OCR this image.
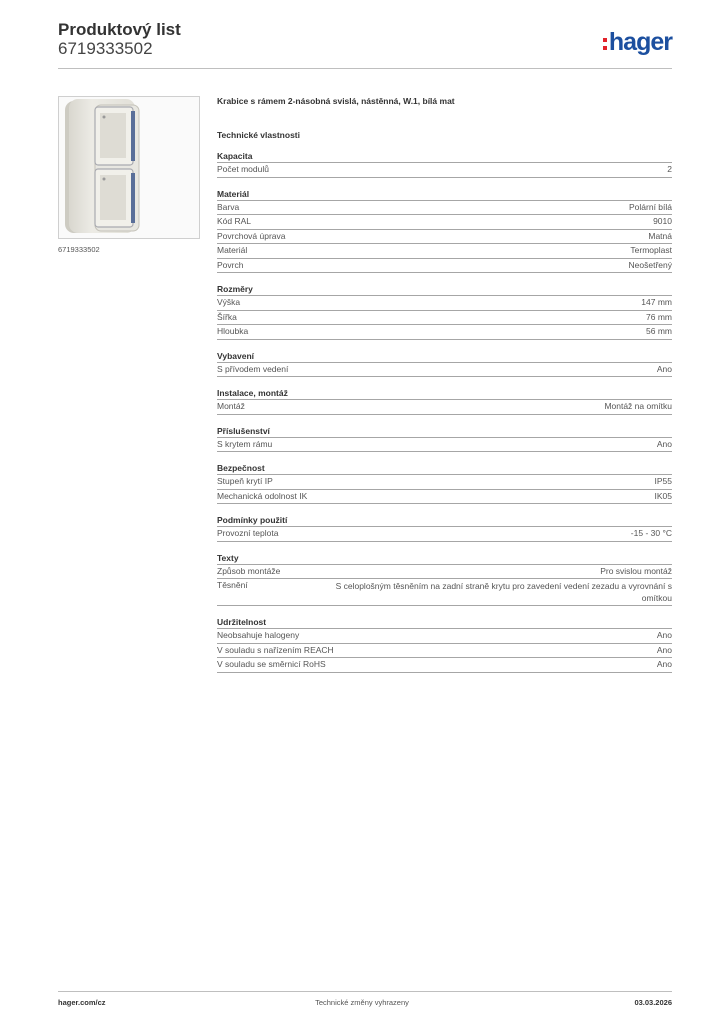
Produktový list
6719333502	hager
6719333502
Krabice s rámem 2-násobná svislá, nástěnná, W.1, bílá mat
Technické vlastnosti
Kapacita
Počet modulů	2
Materiál
Barva	Polární bílá
Kód RAL	9010
Povrchová úprava	Matná
Materiál	Termoplast
Povrch	Neošetřený
Rozměry
Výška	147 mm
Šířka	76 mm
Hloubka	56 mm
Vybavení
S přívodem vedení	Ano
Instalace, montáž
Montáž	Montáž na omítku
Příslušenství
S krytem rámu	Ano
Bezpečnost
Stupeň krytí IP	IP55
Mechanická odolnost IK	IK05
Podmínky použití
Provozní teplota	-15 - 30 °C
Texty
Způsob montáže	Pro svislou montáž
Těsnění	S celoplošným těsněním na zadní straně krytu pro zavedení vedení zezadu a vyrovnání s omítkou
Udržitelnost
Neobsahuje halogeny	Ano
V souladu s nařízením REACH	Ano
V souladu se směrnicí RoHS	Ano
hager.com/cz	Technické změny vyhrazeny	03.03.2026
